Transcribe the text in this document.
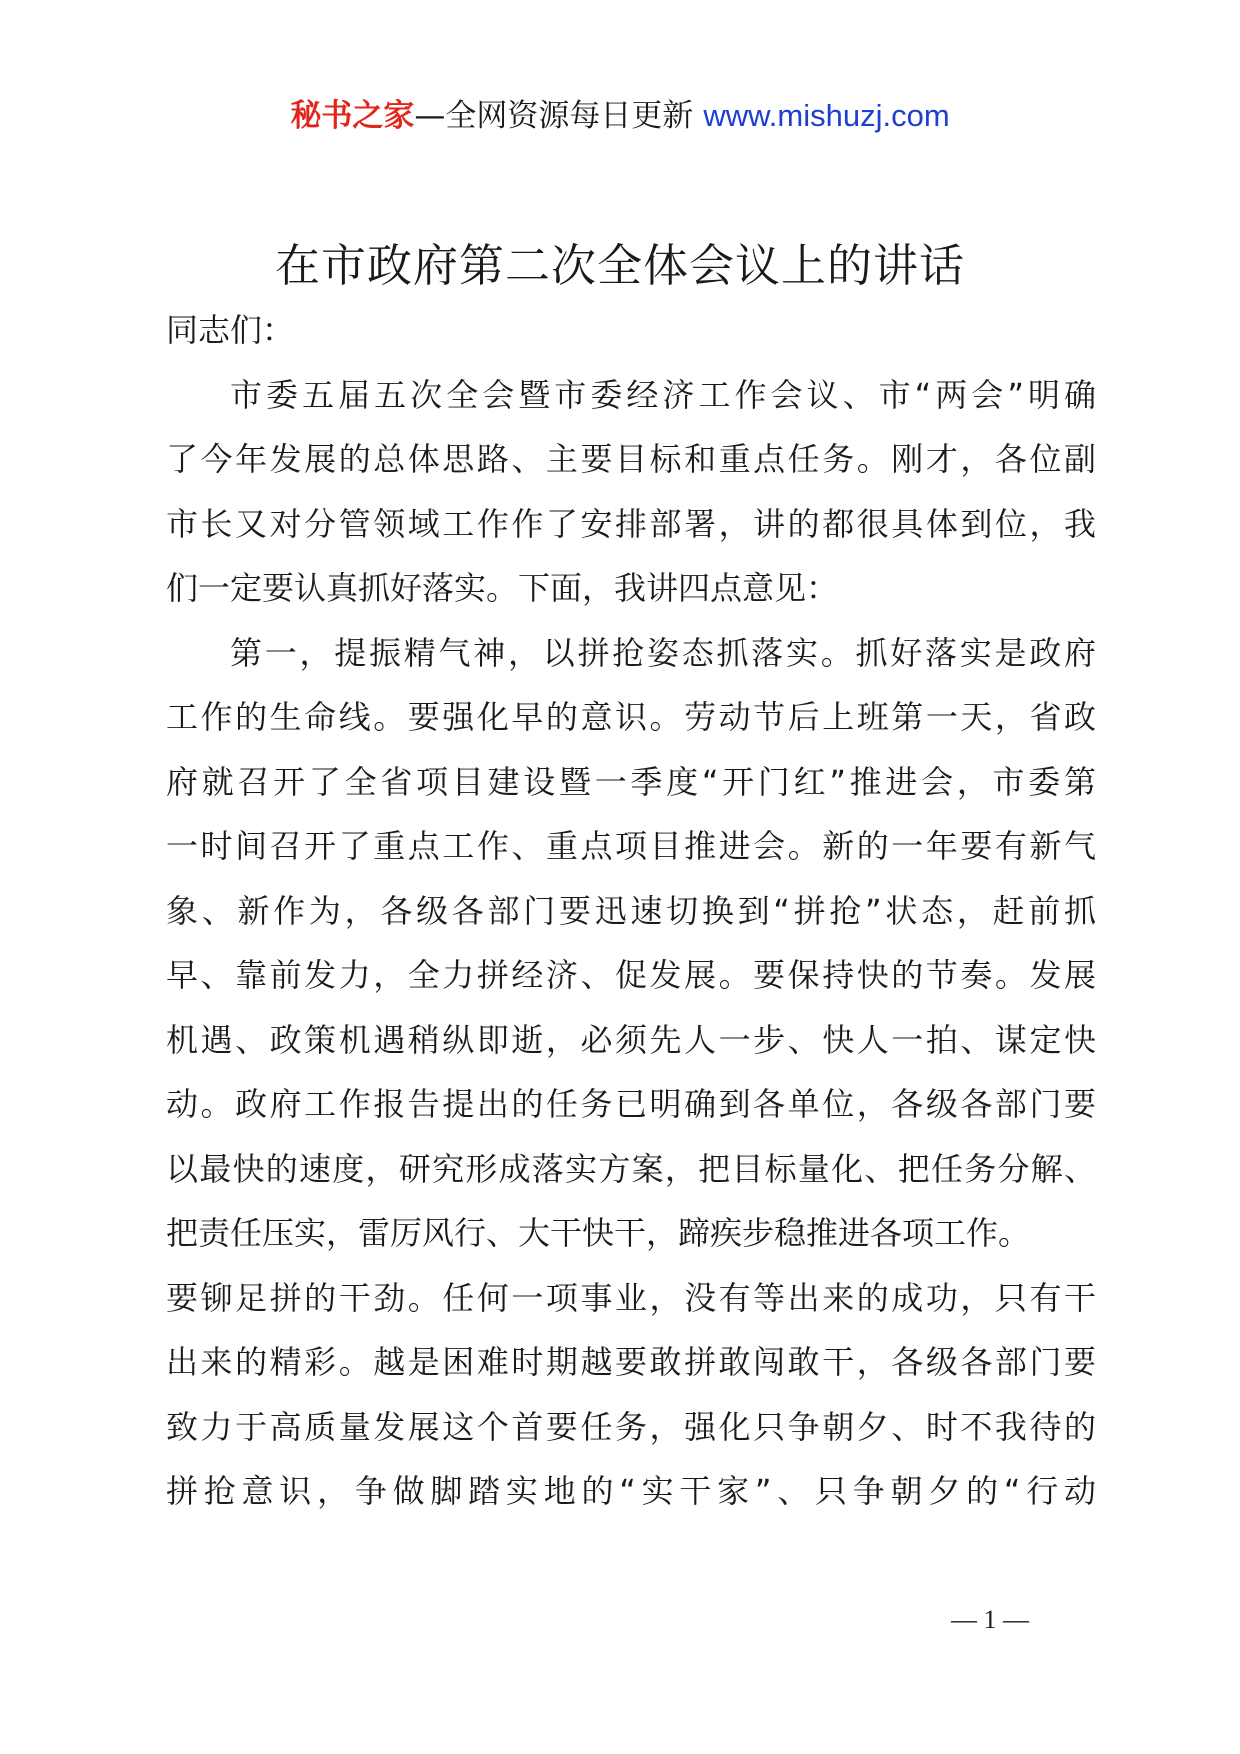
秘书之家—全网资源每日更新 www.mishuzj.com
在市政府第二次全体会议上的讲话
同志们：
市委五届五次全会暨市委经济工作会议、市“两会”明确
了今年发展的总体思路、主要目标和重点任务。刚才，各位副
市长又对分管领域工作作了安排部署，讲的都很具体到位，我
们一定要认真抓好落实。下面，我讲四点意见：
第一，提振精气神，以拼抢姿态抓落实。抓好落实是政府
工作的生命线。要强化早的意识。劳动节后上班第一天，省政
府就召开了全省项目建设暨一季度“开门红”推进会，市委第
一时间召开了重点工作、重点项目推进会。新的一年要有新气
象、新作为，各级各部门要迅速切换到“拼抢”状态，赶前抓
早、靠前发力，全力拼经济、促发展。要保持快的节奏。发展
机遇、政策机遇稍纵即逝，必须先人一步、快人一拍、谋定快
动。政府工作报告提出的任务已明确到各单位，各级各部门要
以最快的速度，研究形成落实方案，把目标量化、把任务分解、
把责任压实，雷厉风行、大干快干，蹄疾步稳推进各项工作。
要铆足拼的干劲。任何一项事业，没有等出来的成功，只有干
出来的精彩。越是困难时期越要敢拼敢闯敢干，各级各部门要
致力于高质量发展这个首要任务，强化只争朝夕、时不我待的
拼抢意识，争做脚踏实地的“实干家”、只争朝夕的“行动
— 1 —
